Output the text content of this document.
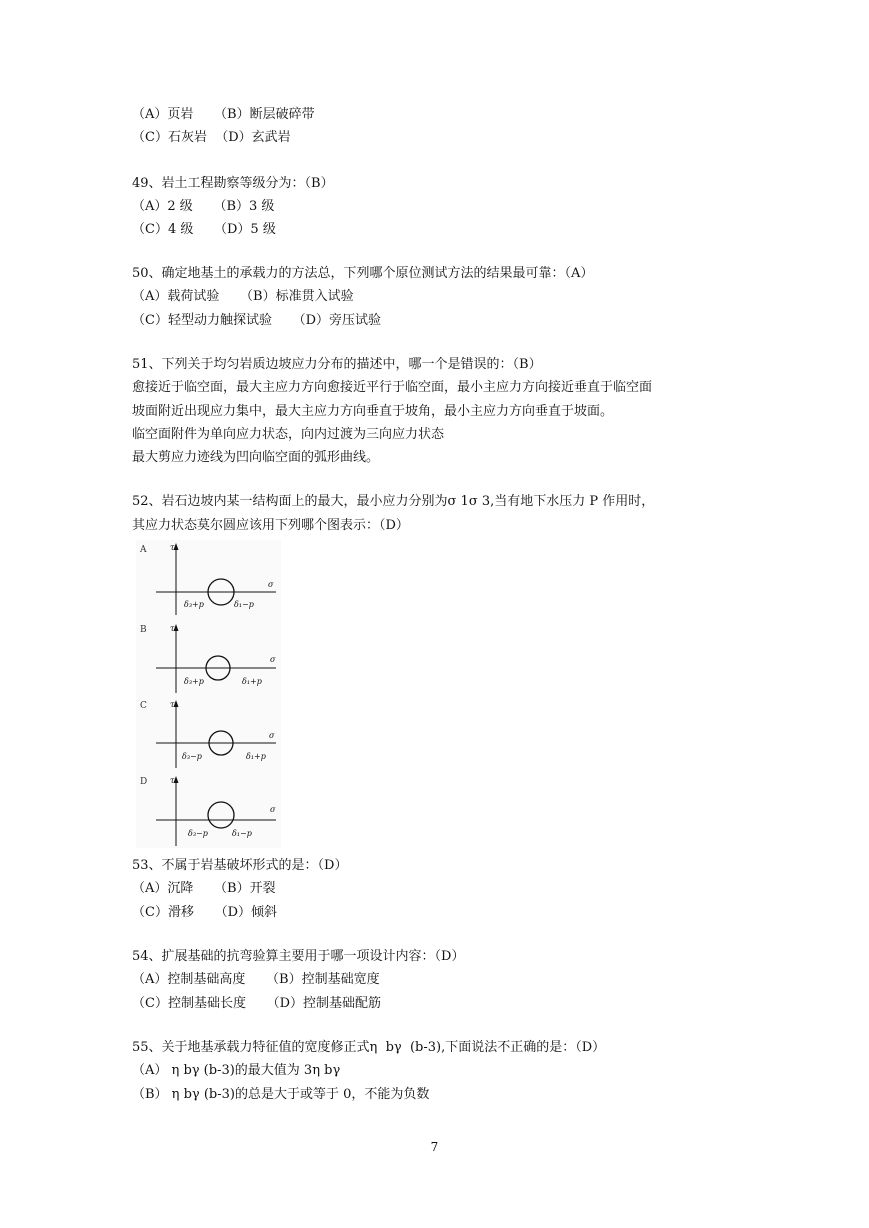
（A）页岩     （B）断层破碎带
（C）石灰岩  （D）玄武岩
49、岩土工程勘察等级分为：（B）
（A）2 级     （B）3 级
（C）4 级     （D）5 级
50、确定地基土的承载力的方法总，下列哪个原位测试方法的结果最可靠：（A）
（A）载荷试验     （B）标准贯入试验
（C）轻型动力触探试验     （D）旁压试验
51、下列关于均匀岩质边坡应力分布的描述中，哪一个是错误的：（B）
愈接近于临空面，最大主应力方向愈接近平行于临空面，最小主应力方向接近垂直于临空面
坡面附近出现应力集中，最大主应力方向垂直于坡角，最小主应力方向垂直于坡面。
临空面附件为单向应力状态，向内过渡为三向应力状态
最大剪应力迹线为凹向临空面的弧形曲线。
52、岩石边坡内某一结构面上的最大，最小应力分别为σ 1σ 3,当有地下水压力 P 作用时，
其应力状态莫尔圆应该用下列哪个图表示：（D）
A	τ
σ
δ₃+p	δ₁−p
B	τ
σ
δ₃+p	δ₁+p
C	τ
σ
δ₃−p	δ₁+p
D	τ
σ
δ₃−p	δ₁−p
53、不属于岩基破坏形式的是：（D）
（A）沉降     （B）开裂
（C）滑移     （D）倾斜
54、扩展基础的抗弯验算主要用于哪一项设计内容：（D）
（A）控制基础高度     （B）控制基础宽度
（C）控制基础长度     （D）控制基础配筋
55、关于地基承载力特征值的宽度修正式η  bγ  (b-3),下面说法不正确的是：（D）
（A） η bγ (b-3)的最大值为 3η bγ
（B） η bγ (b-3)的总是大于或等于 0，不能为负数
7
